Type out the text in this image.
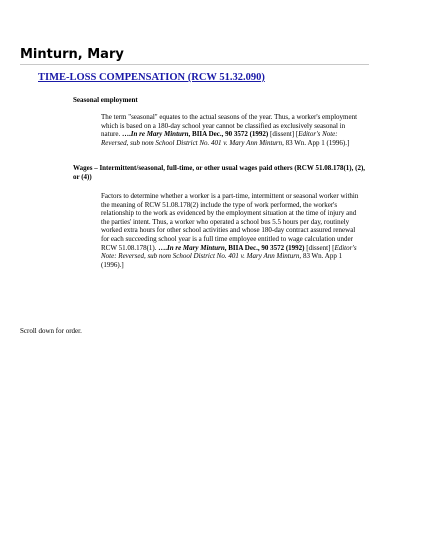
Minturn, Mary
TIME-LOSS COMPENSATION (RCW 51.32.090)
Seasonal employment

The term "seasonal" equates to the actual seasons of the year. Thus, a worker's employment which is based on a 180-day school year cannot be classified as exclusively seasonal in nature. ….In re Mary Minturn, BIIA Dec., 90 3572 (1992) [dissent] [Editor's Note: Reversed, sub nom School District No. 401 v. Mary Ann Minturn, 83 Wn. App 1 (1996).]

Wages – Intermittent/seasonal, full-time, or other usual wages paid others (RCW 51.08.178(1), (2), or (4))

Factors to determine whether a worker is a part-time, intermittent or seasonal worker within the meaning of RCW 51.08.178(2) include the type of work performed, the worker's relationship to the work as evidenced by the employment situation at the time of injury and the parties' intent. Thus, a worker who operated a school bus 5.5 hours per day, routinely worked extra hours for other school activities and whose 180-day contract assured renewal for each succeeding school year is a full time employee entitled to wage calculation under RCW 51.08.178(1). ….In re Mary Minturn, BIIA Dec., 90 3572 (1992) [dissent] [Editor's Note: Reversed, sub nom School District No. 401 v. Mary Ann Minturn, 83 Wn. App 1 (1996).]

Scroll down for order.
